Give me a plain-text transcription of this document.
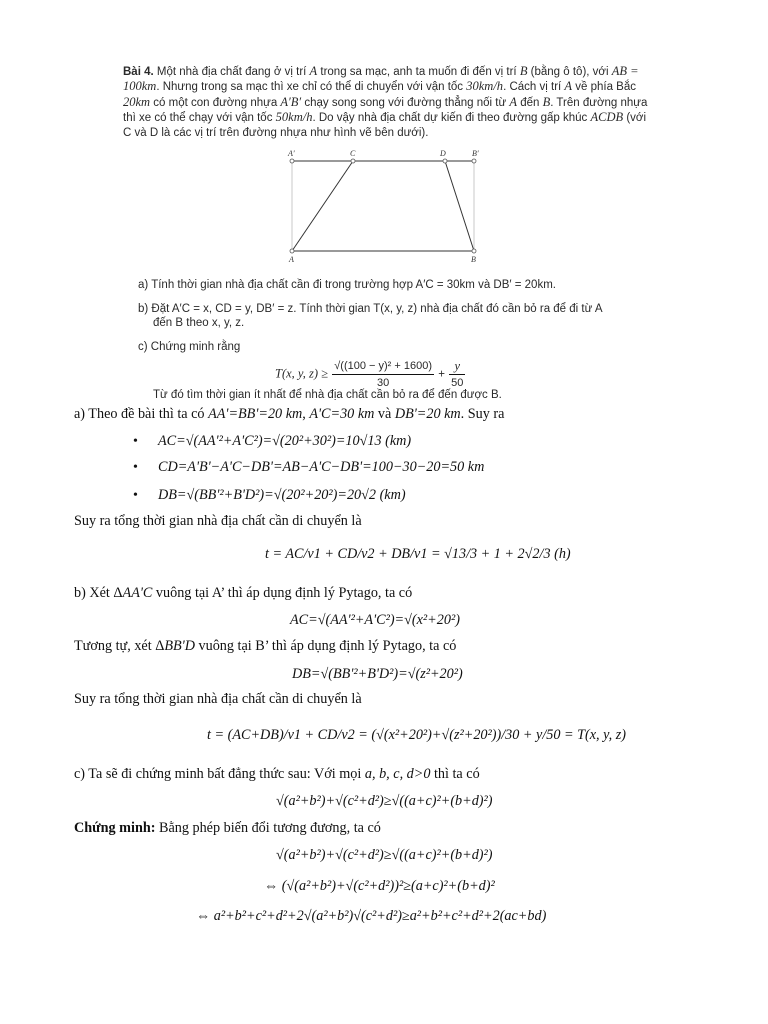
Bài 4. Một nhà địa chất đang ở vị trí A trong sa mạc, anh ta muốn đi đến vị trí B (bằng ô tô), với AB = 100km. Nhưng trong sa mạc thì xe chỉ có thể di chuyển với vận tốc 30km/h. Cách vị trí A về phía Bắc 20km có một con đường nhựa A′B′ chạy song song với đường thẳng nối từ A đến B. Trên đường nhựa thì xe có thể chạy với vận tốc 50km/h. Do vậy nhà địa chất dự kiến đi theo đường gấp khúc ACDB (với C và D là các vị trí trên đường nhựa như hình vẽ bên dưới).

A′	C	D	B′
A	B
a) Tính thời gian nhà địa chất cần đi trong trường hợp A′C = 30km và DB′ = 20km.
b) Đặt A′C = x, CD = y, DB′ = z. Tính thời gian T(x, y, z) nhà địa chất đó cần bỏ ra để đi từ A
đến B theo x, y, z.
c) Chứng minh rằng
T(x, y, $z) \ge \frac{\text{√((100 − y)² + 1600)}}{30} + \frac{y}{50}$
Từ đó tìm thời gian ít nhất để nhà địa chất cần bỏ ra để đến được B.
a) Theo đề bài thì ta có AA'=BB'=20 km, A'C=30 km và DB'=20 km. Suy ra
• AC=√(AA'²+A'C²)=√(20²+30²)=10√13 (km)
• CD=A'B'−A'C−DB'=AB−A'C−DB'=100−30−20=50 km
• DB=√(BB'²+B'D²)=√(20²+20²)=20√2 (km)
Suy ra tổng thời gian nhà địa chất cần di chuyển là
t = AC/v1 + CD/v2 + DB/v1 = √13/3 + 1 + 2√2/3 (h)
b) Xét ΔAA'C vuông tại A’ thì áp dụng định lý Pytago, ta có
AC=√(AA'²+A'C²)=√(x²+20²)
Tương tự, xét ΔBB'D vuông tại B’ thì áp dụng định lý Pytago, ta có
DB=√(BB'²+B'D²)=√(z²+20²)
Suy ra tổng thời gian nhà địa chất cần di chuyển là
t = (AC+DB)/v1 + CD/v2 = (√(x²+20²)+√(z²+20²))/30 + y/50 = T(x, y, z)
c) Ta sẽ đi chứng minh bất đẳng thức sau: Với mọi a, b, c, d>0 thì ta có
√(a²+b²)+√(c²+d²)≥√((a+c)²+(b+d)²)
Chứng minh: Bằng phép biến đổi tương đương, ta có
√(a²+b²)+√(c²+d²)≥√((a+c)²+(b+d)²)
⇔ (√(a²+b²)+√(c²+d²))²≥(a+c)²+(b+d)²
⇔ a²+b²+c²+d²+2√(a²+b²)√(c²+d²)≥a²+b²+c²+d²+2(ac+bd)
